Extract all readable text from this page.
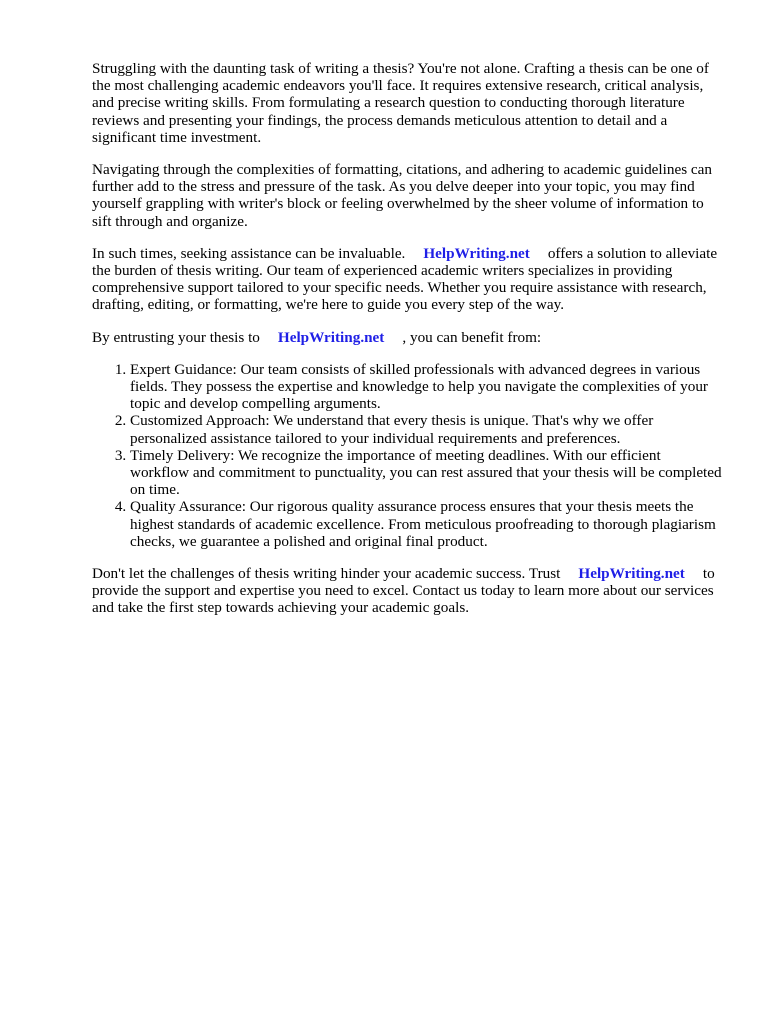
Struggling with the daunting task of writing a thesis? You're not alone. Crafting a thesis can be one of the most challenging academic endeavors you'll face. It requires extensive research, critical analysis, and precise writing skills. From formulating a research question to conducting thorough literature reviews and presenting your findings, the process demands meticulous attention to detail and a significant time investment.

Navigating through the complexities of formatting, citations, and adhering to academic guidelines can further add to the stress and pressure of the task. As you delve deeper into your topic, you may find yourself grappling with writer's block or feeling overwhelmed by the sheer volume of information to sift through and organize.

In such times, seeking assistance can be invaluable. HelpWriting.net offers a solution to alleviate the burden of thesis writing. Our team of experienced academic writers specializes in providing comprehensive support tailored to your specific needs. Whether you require assistance with research, drafting, editing, or formatting, we're here to guide you every step of the way.

By entrusting your thesis to HelpWriting.net , you can benefit from:

1. Expert Guidance: Our team consists of skilled professionals with advanced degrees in various fields. They possess the expertise and knowledge to help you navigate the complexities of your topic and develop compelling arguments.
2. Customized Approach: We understand that every thesis is unique. That's why we offer personalized assistance tailored to your individual requirements and preferences.
3. Timely Delivery: We recognize the importance of meeting deadlines. With our efficient workflow and commitment to punctuality, you can rest assured that your thesis will be completed on time.
4. Quality Assurance: Our rigorous quality assurance process ensures that your thesis meets the highest standards of academic excellence. From meticulous proofreading to thorough plagiarism checks, we guarantee a polished and original final product.

Don't let the challenges of thesis writing hinder your academic success. Trust HelpWriting.net to provide the support and expertise you need to excel. Contact us today to learn more about our services and take the first step towards achieving your academic goals.
